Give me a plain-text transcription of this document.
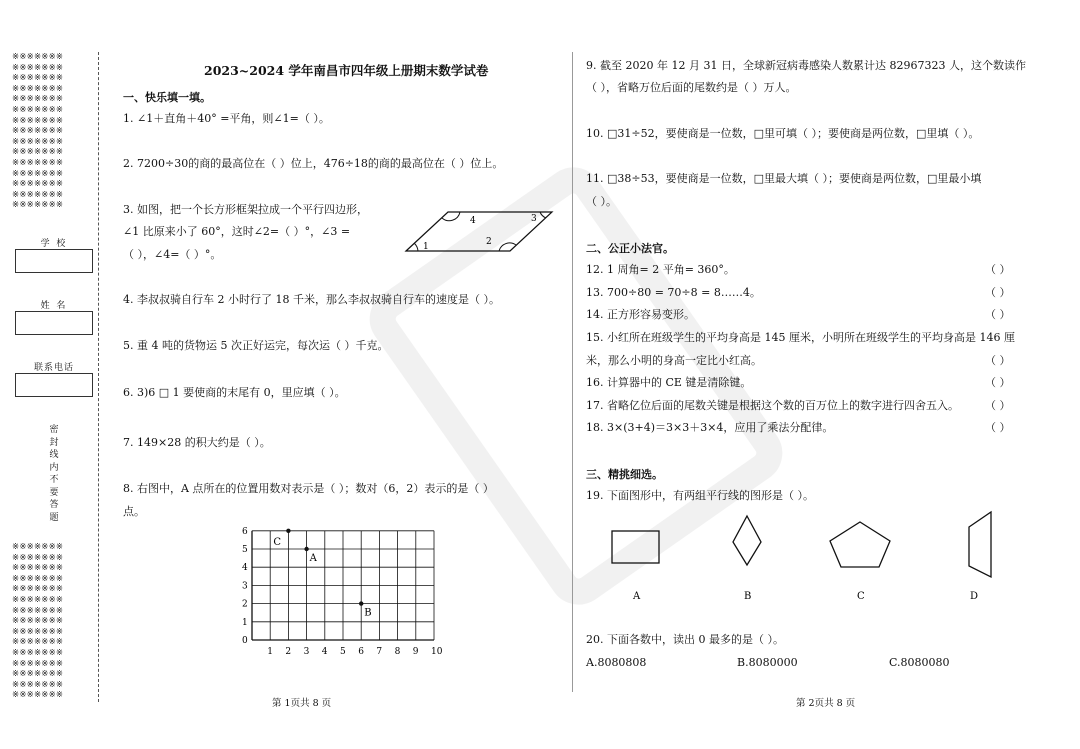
※※※※※※※
※※※※※※※
※※※※※※※
※※※※※※※
※※※※※※※
※※※※※※※
※※※※※※※
※※※※※※※
※※※※※※※
※※※※※※※
※※※※※※※
※※※※※※※
※※※※※※※
※※※※※※※
※※※※※※※
学 校
姓 名
联系电话
密
封
线
内
不
要
答
题
※※※※※※※
※※※※※※※
※※※※※※※
※※※※※※※
※※※※※※※
※※※※※※※
※※※※※※※
※※※※※※※
※※※※※※※
※※※※※※※
※※※※※※※
※※※※※※※
※※※※※※※
※※※※※※※
※※※※※※※
2023~2024 学年南昌市四年级上册期末数学试卷
一、快乐填一填。
1. ∠1＋直角＋40° =平角，则∠1=（ ）。
2. 7200÷30的商的最高位在（ ）位上，476÷18的商的最高位在（ ）位上。
3. 如图，把一个长方形框架拉成一个平行四边形，
∠1 比原来小了 60°，这时∠2=（ ）°，∠3 =
（ ），∠4=（ ）°。
1	2
3
4
4. 李叔叔骑自行车 2 小时行了 18 千米，那么李叔叔骑自行车的速度是（ ）。
5. 重 4 吨的货物运 5 次正好运完，每次运（ ）千克。
6. 3)6 □ 1 要使商的末尾有 0，里应填（ ）。
7. 149×28 的积大约是（ ）。
8. 右图中，A 点所在的位置用数对表示是（ ）；数对（6，2）表示的是（ ）
点。
1 2 3 4 5 6 7 8 9 10
0
1
2
3
4
5
6
C
A
B
第 1页共 8 页
9. 截至 2020 年 12 月 31 日，全球新冠病毒感染人数累计达 82967323 人，这个数读作
（ ），省略万位后面的尾数约是（ ）万人。
10. □31÷52，要使商是一位数，□里可填（ ）；要使商是两位数，□里填（ ）。
11. □38÷53，要使商是一位数，□里最大填（ ）；要使商是两位数，□里最小填
（ ）。
二、公正小法官。
12. 1 周角= 2 平角= 360°。	（ ）
13. 700÷80 = 70÷8 = 8……4。	（ ）
14. 正方形容易变形。	（ ）
15. 小红所在班级学生的平均身高是 145 厘米，小明所在班级学生的平均身高是 146 厘
米，那么小明的身高一定比小红高。	（ ）
16. 计算器中的 CE 键是清除键。	（ ）
17. 省略亿位后面的尾数关键是根据这个数的百万位上的数字进行四舍五入。 （ ）
18. 3×(3+4)＝3×3＋3×4，应用了乘法分配律。	（ ）
三、精挑细选。
19. 下面图形中，有两组平行线的图形是（ ）。
A	B	C	D
20. 下面各数中，读出 0 最多的是（ ）。
A.8080808	B.8080000	C.8080080
第 2页共 8 页
